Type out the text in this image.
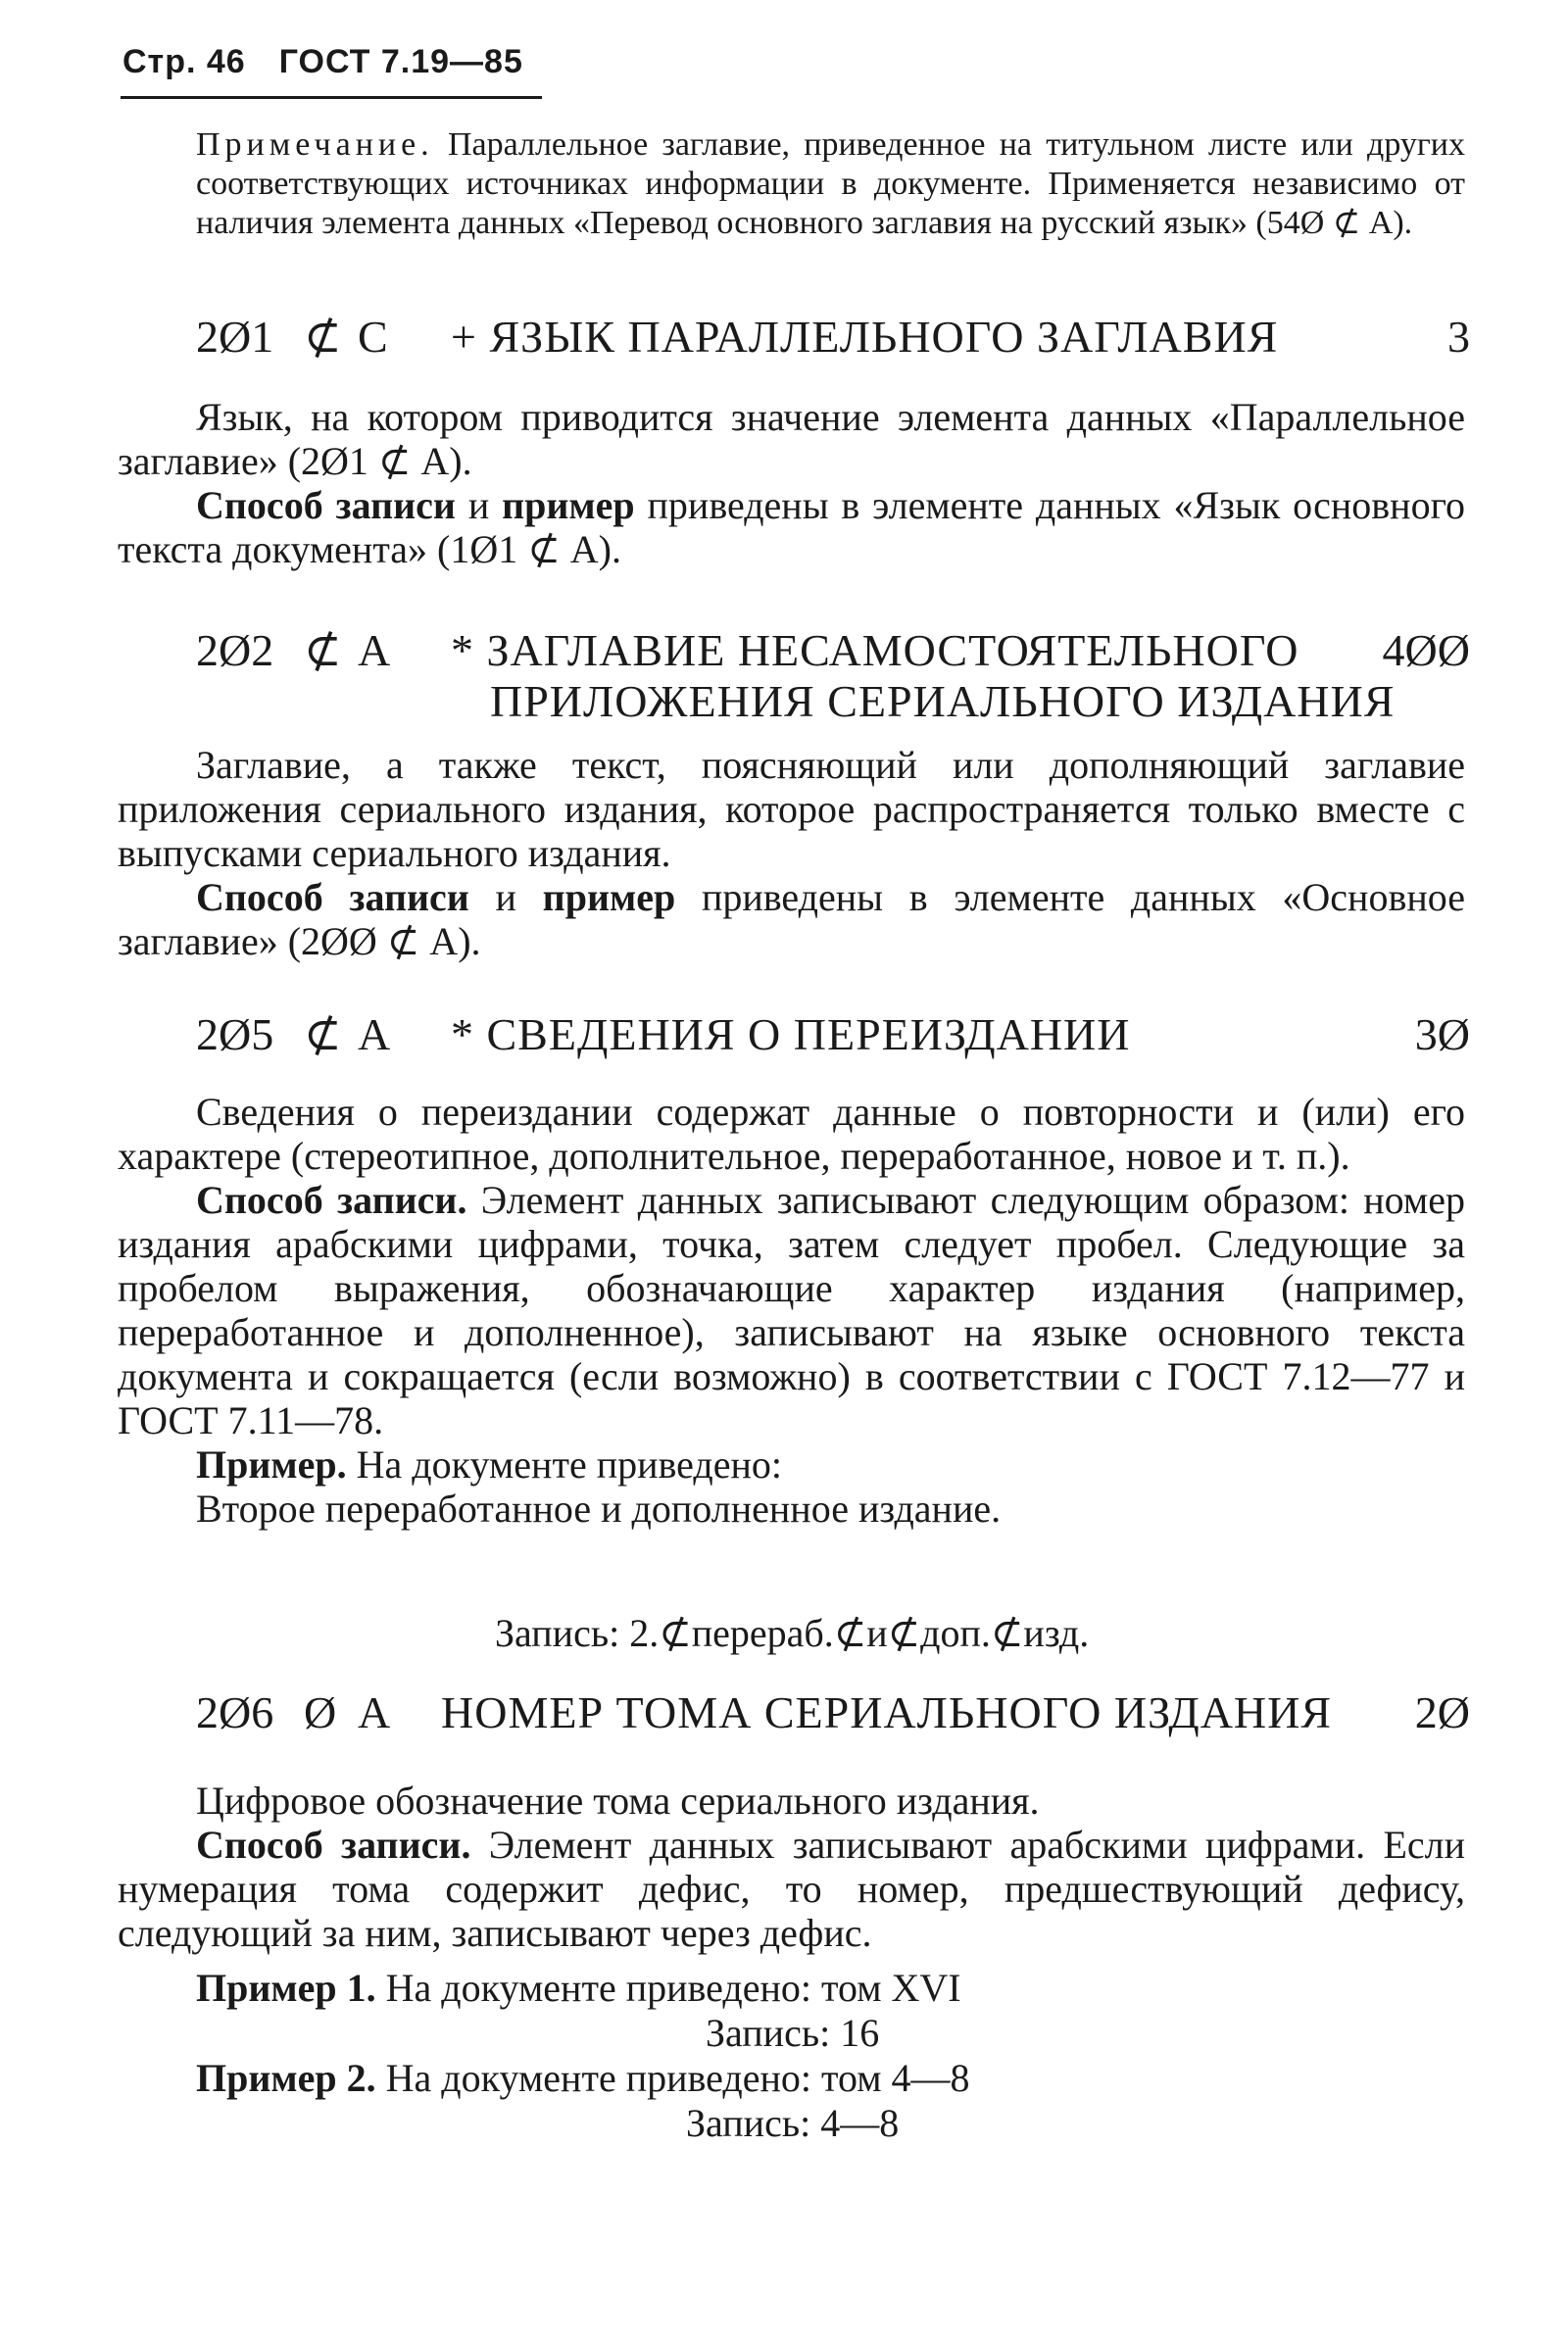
Стр. 46 ГОСТ 7.19—85
Примечание. Параллельное заглавие, приведенное на титульном листе или других соответствующих источниках информации в документе. Применяется независимо от наличия элемента данных «Перевод основного заглавия на русский язык» (54Ø ⊄ А).
2Ø1 ⊄ С + ЯЗЫК ПАРАЛЛЕЛЬНОГО ЗАГЛАВИЯ	3
Язык, на котором приводится значение элемента данных «Параллельное заглавие» (2Ø1 ⊄ А).
Способ записи и пример приведены в элементе данных «Язык основного текста документа» (1Ø1 ⊄ А).
2Ø2 ⊄ А * ЗАГЛАВИЕ НЕСАМОСТОЯТЕЛЬНОГО
ПРИЛОЖЕНИЯ СЕРИАЛЬНОГО ИЗДАНИЯ
4ØØ
Заглавие, а также текст, поясняющий или дополняющий заглавие приложения сериального издания, которое распространяется только вместе с выпусками сериального издания.
Способ записи и пример приведены в элементе данных «Основное заглавие» (2ØØ ⊄ А).
2Ø5 ⊄ А * СВЕДЕНИЯ О ПЕРЕИЗДАНИИ	3Ø
Сведения о переиздании содержат данные о повторности и (или) его характере (стереотипное, дополнительное, переработанное, новое и т. п.).
Способ записи. Элемент данных записывают следующим образом: номер издания арабскими цифрами, точка, затем следует пробел. Следующие за пробелом выражения, обозначающие характер издания (например, переработанное и дополненное), записывают на языке основного текста документа и сокращается (если возможно) в соответствии с ГОСТ 7.12—77 и ГОСТ 7.11—78.
Пример. На документе приведено:
Второе переработанное и дополненное издание.
Запись: 2.⊄перераб.⊄и⊄доп.⊄изд.
2Ø6 Ø А НОМЕР ТОМА СЕРИАЛЬНОГО ИЗДАНИЯ 2Ø
Цифровое обозначение тома сериального издания.
Способ записи. Элемент данных записывают арабскими цифрами. Если нумерация тома содержит дефис, то номер, предшествующий дефису, следующий за ним, записывают через дефис.
Пример 1. На документе приведено: том XVI
Запись: 16
Пример 2. На документе приведено: том 4—8
Запись: 4—8
